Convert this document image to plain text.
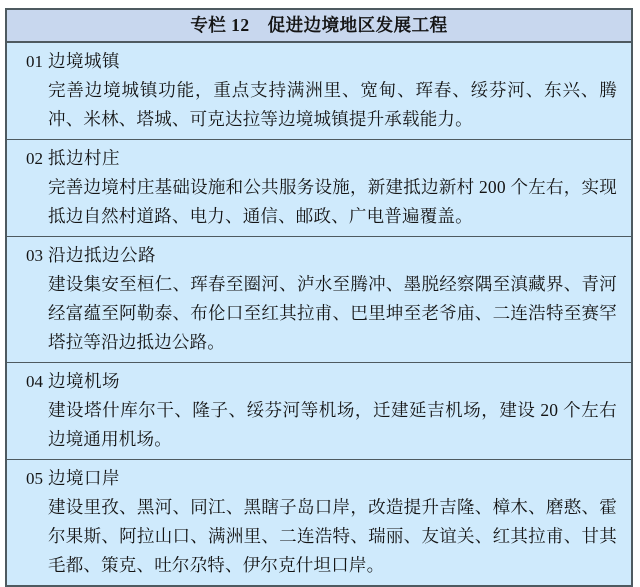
专栏 12　促进边境地区发展工程
01 边境城镇
完善边境城镇功能，重点支持满洲里、宽甸、珲春、绥芬河、东兴、腾冲、米林、塔城、可克达拉等边境城镇提升承载能力。
02 抵边村庄
完善边境村庄基础设施和公共服务设施，新建抵边新村 200 个左右，实现抵边自然村道路、电力、通信、邮政、广电普遍覆盖。
03 沿边抵边公路
建设集安至桓仁、珲春至圈河、泸水至腾冲、墨脱经察隅至滇藏界、青河经富蕴至阿勒泰、布伦口至红其拉甫、巴里坤至老爷庙、二连浩特至赛罕塔拉等沿边抵边公路。
04 边境机场
建设塔什库尔干、隆子、绥芬河等机场，迁建延吉机场，建设 20 个左右边境通用机场。
05 边境口岸
建设里孜、黑河、同江、黑瞎子岛口岸，改造提升吉隆、樟木、磨憨、霍尔果斯、阿拉山口、满洲里、二连浩特、瑞丽、友谊关、红其拉甫、甘其毛都、策克、吐尔尕特、伊尔克什坦口岸。
